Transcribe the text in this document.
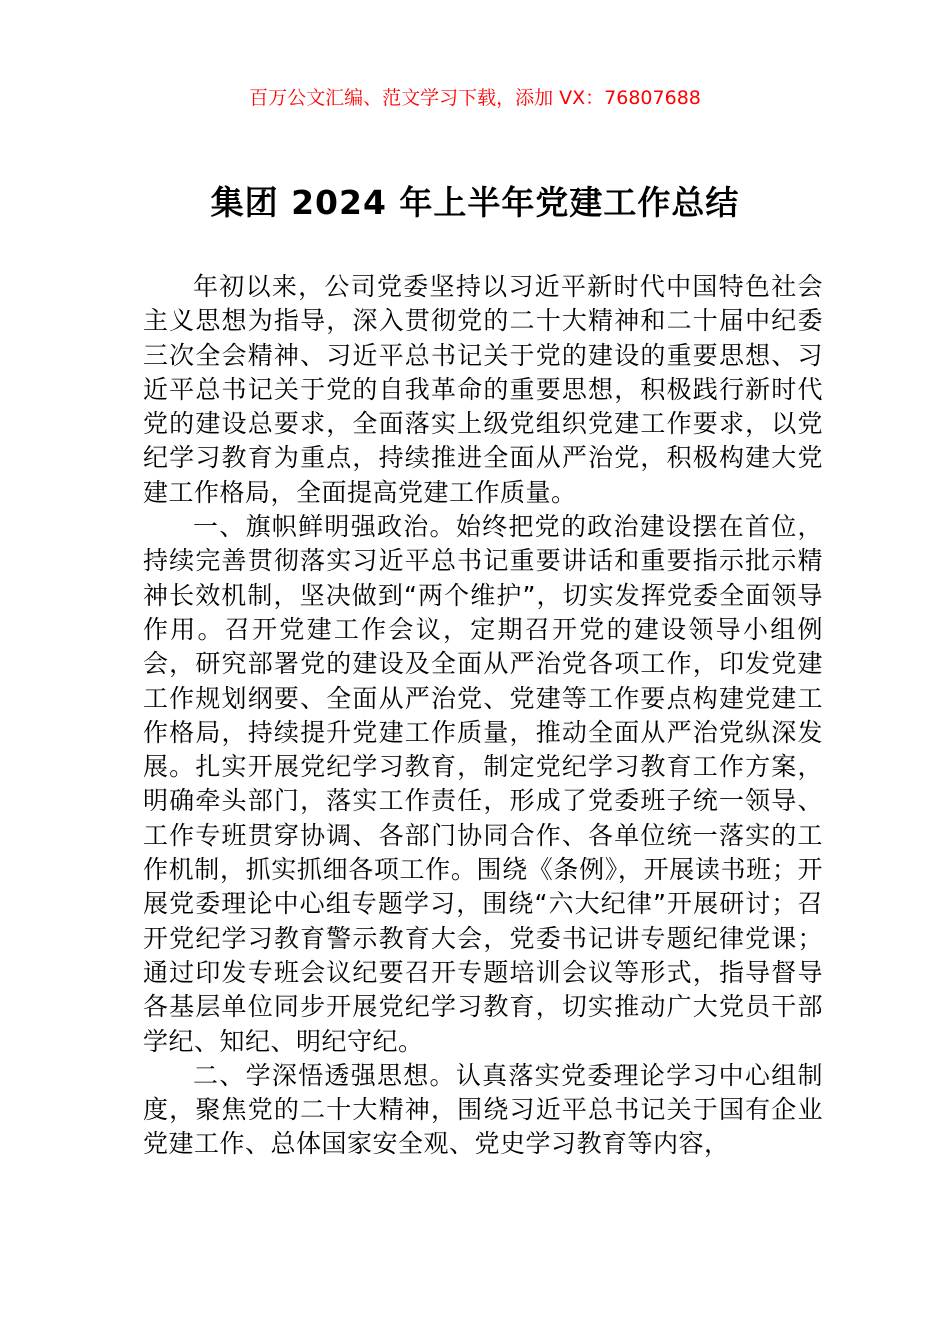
百万公文汇编、范文学习下载，添加 VX：76807688
集团 2024 年上半年党建工作总结

年初以来，公司党委坚持以习近平新时代中国特色社会主义思想为指导，深入贯彻党的二十大精神和二十届中纪委三次全会精神、习近平总书记关于党的建设的重要思想、习近平总书记关于党的自我革命的重要思想，积极践行新时代党的建设总要求，全面落实上级党组织党建工作要求，以党纪学习教育为重点，持续推进全面从严治党，积极构建大党建工作格局，全面提高党建工作质量。

一、旗帜鲜明强政治。始终把党的政治建设摆在首位，持续完善贯彻落实习近平总书记重要讲话和重要指示批示精神长效机制，坚决做到“两个维护”，切实发挥党委全面领导作用。召开党建工作会议，定期召开党的建设领导小组例会，研究部署党的建设及全面从严治党各项工作，印发党建工作规划纲要、全面从严治党、党建等工作要点构建党建工作格局，持续提升党建工作质量，推动全面从严治党纵深发展。扎实开展党纪学习教育，制定党纪学习教育工作方案，明确牵头部门，落实工作责任，形成了党委班子统一领导、工作专班贯穿协调、各部门协同合作、各单位统一落实的工作机制，抓实抓细各项工作。围绕《条例》，开展读书班；开展党委理论中心组专题学习，围绕“六大纪律”开展研讨；召开党纪学习教育警示教育大会，党委书记讲专题纪律党课；通过印发专班会议纪要召开专题培训会议等形式，指导督导各基层单位同步开展党纪学习教育，切实推动广大党员干部学纪、知纪、明纪守纪。

二、学深悟透强思想。认真落实党委理论学习中心组制度，聚焦党的二十大精神，围绕习近平总书记关于国有企业党建工作、总体国家安全观、党史学习教育等内容，
